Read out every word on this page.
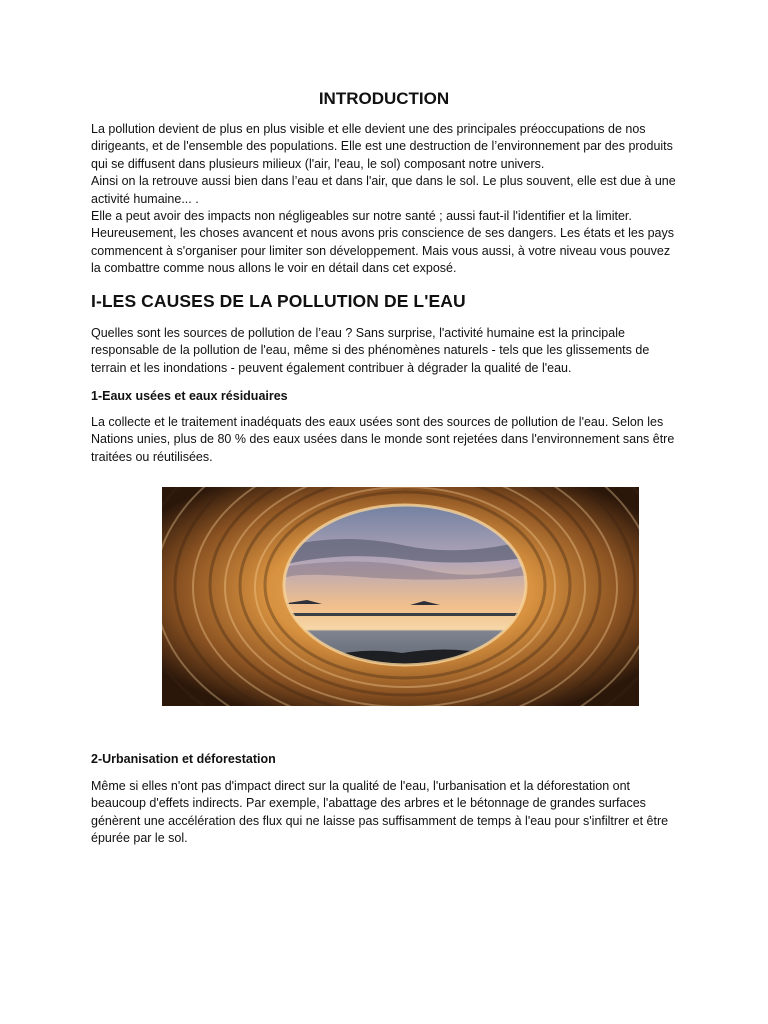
INTRODUCTION

La pollution devient de plus en plus visible et elle devient une des principales préoccupations de nos dirigeants, et de l'ensemble des populations. Elle est une destruction de l’environnement par des produits qui se diffusent dans plusieurs milieux (l'air, l'eau, le sol) composant notre univers.

Ainsi on la retrouve aussi bien dans l’eau et dans l'air, que dans le sol. Le plus souvent, elle est due à une activité humaine... .

Elle a peut avoir des impacts non négligeables sur notre santé ; aussi faut-il l'identifier et la limiter. Heureusement, les choses avancent et nous avons pris conscience de ses dangers. Les états et les pays commencent à s'organiser pour limiter son développement. Mais vous aussi, à votre niveau vous pouvez la combattre comme nous allons le voir en détail dans cet exposé.

I-LES CAUSES DE LA POLLUTION DE L'EAU
Quelles sont les sources de pollution de l’eau ? Sans surprise, l'activité humaine est la principale responsable de la pollution de l'eau, même si des phénomènes naturels - tels que les glissements de terrain et les inondations - peuvent également contribuer à dégrader la qualité de l'eau.
1-Eaux usées et eaux résiduaires
La collecte et le traitement inadéquats des eaux usées sont des sources de pollution de l'eau. Selon les Nations unies, plus de 80 % des eaux usées dans le monde sont rejetées dans l'environnement sans être traitées ou réutilisées.
2-Urbanisation et déforestation
Même si elles n'ont pas d'impact direct sur la qualité de l'eau, l'urbanisation et la déforestation ont beaucoup d'effets indirects. Par exemple, l'abattage des arbres et le bétonnage de grandes surfaces génèrent une accélération des flux qui ne laisse pas suffisamment de temps à l'eau pour s'infiltrer et être épurée par le sol.
